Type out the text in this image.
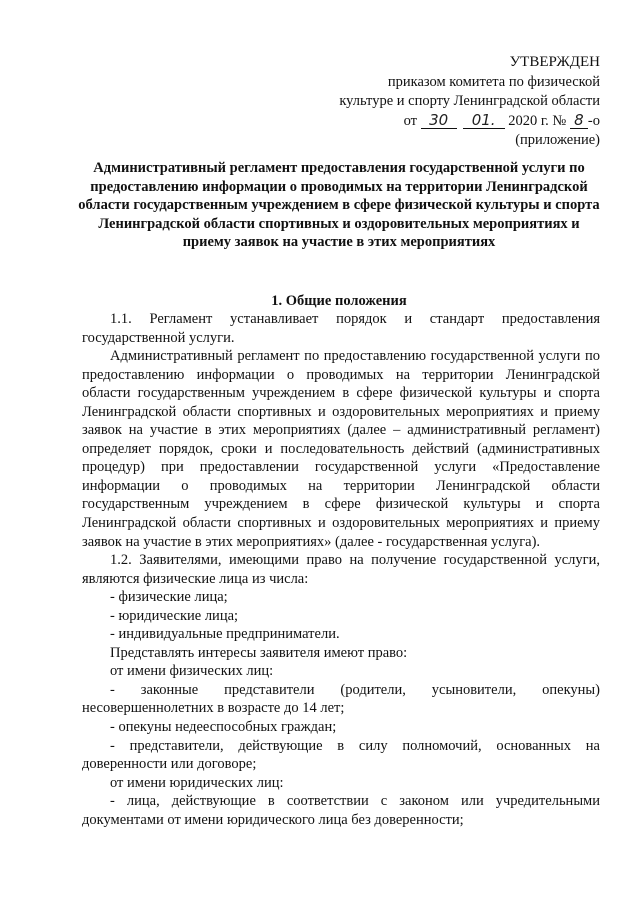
УТВЕРЖДЕН
приказом комитета по физической
культуре и спорту Ленинградской области
от 30 01. 2020 г. № 8 -о
(приложение)
Административный регламент предоставления государственной услуги по предоставлению информации о проводимых на территории Ленинградской области государственным учреждением в сфере физической культуры и спорта Ленинградской области спортивных и оздоровительных мероприятиях и приему заявок на участие в этих мероприятиях
1. Общие положения

1.1. Регламент устанавливает порядок и стандарт предоставления государственной услуги.

Административный регламент по предоставлению государственной услуги по предоставлению информации о проводимых на территории Ленинградской области государственным учреждением в сфере физической культуры и спорта Ленинградской области спортивных и оздоровительных мероприятиях и приему заявок на участие в этих мероприятиях (далее – административный регламент) определяет порядок, сроки и последовательность действий (административных процедур) при предоставлении государственной услуги «Предоставление информации о проводимых на территории Ленинградской области государственным учреждением в сфере физической культуры и спорта Ленинградской области спортивных и оздоровительных мероприятиях и приему заявок на участие в этих мероприятиях» (далее - государственная услуга).

1.2. Заявителями, имеющими право на получение государственной услуги, являются физические лица из числа:

- физические лица;

- юридические лица;

- индивидуальные предприниматели.

Представлять интересы заявителя имеют право:

от имени физических лиц:

- законные представители (родители, усыновители, опекуны) несовершеннолетних в возрасте до 14 лет;

- опекуны недееспособных граждан;

- представители, действующие в силу полномочий, основанных на доверенности или договоре;

от имени юридических лиц:

- лица, действующие в соответствии с законом или учредительными документами от имени юридического лица без доверенности;
